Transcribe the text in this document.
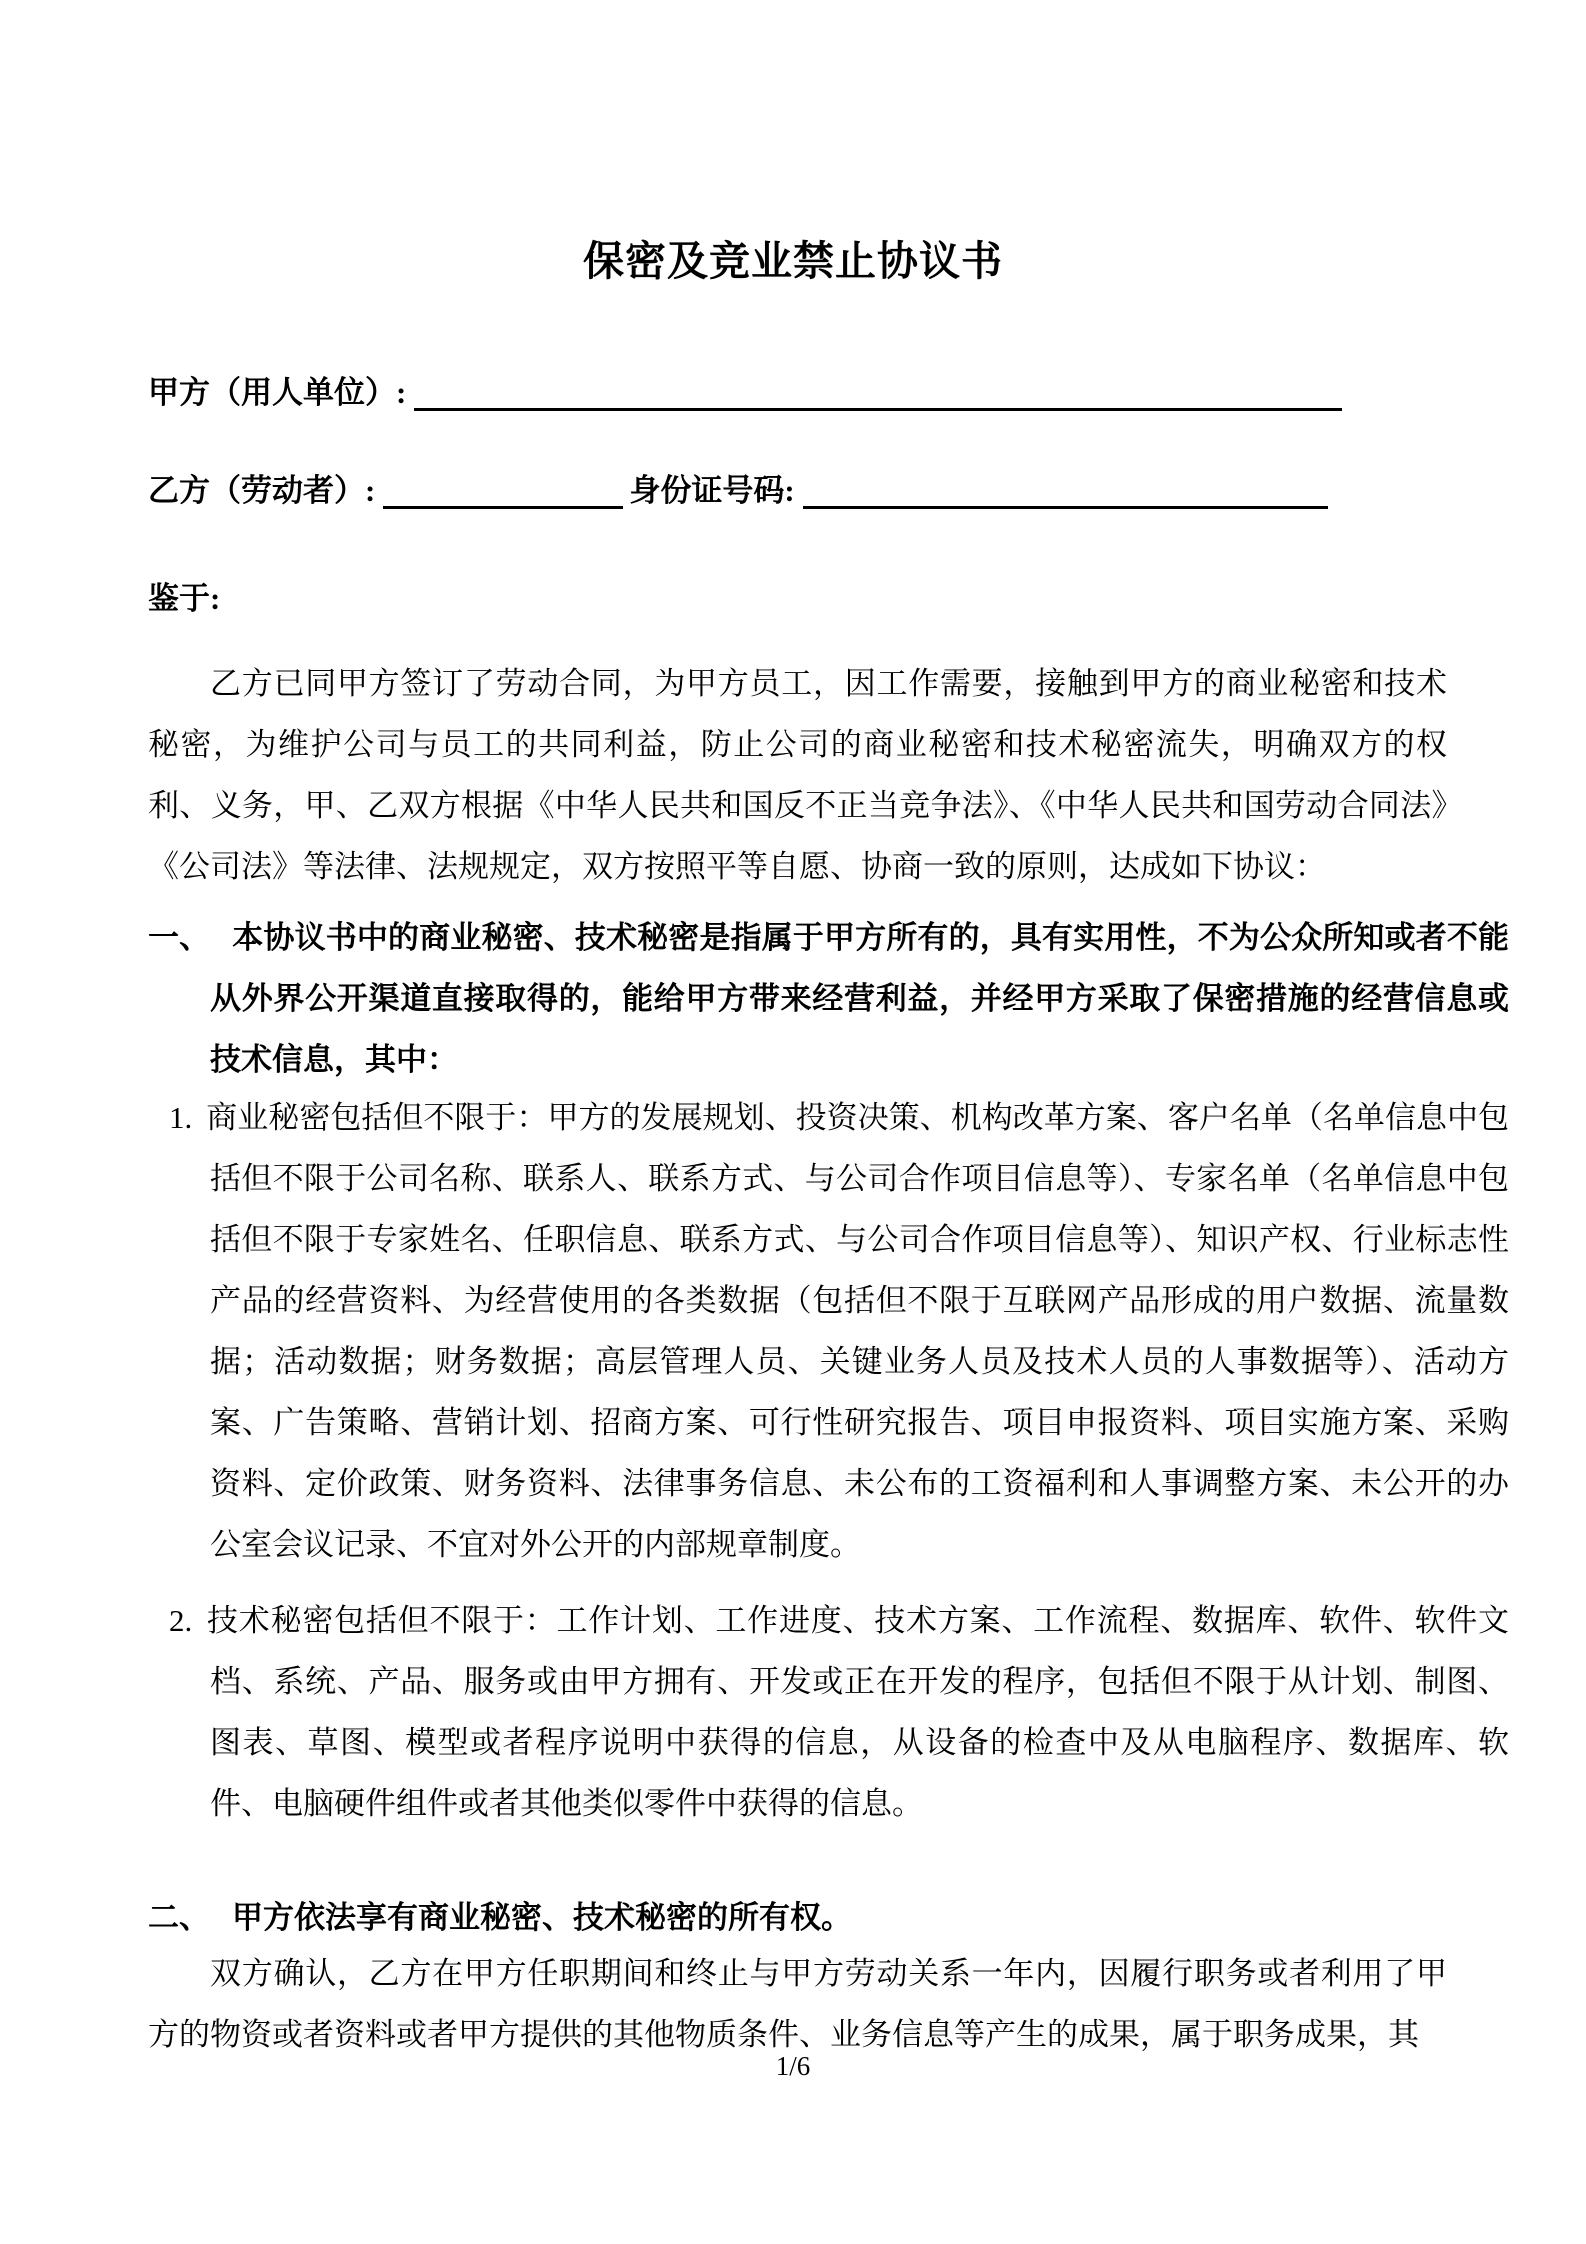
保密及竞业禁止协议书
甲方（用人单位）:
乙方（劳动者）:	身份证号码:
鉴于:
乙方已同甲方签订了劳动合同，为甲方员工，因工作需要，接触到甲方的商业秘密和技术秘密，为维护公司与员工的共同利益，防止公司的商业秘密和技术秘密流失，明确双方的权利、义务，甲、乙双方根据《中华人民共和国反不正当竞争法》、《中华人民共和国劳动合同法》《公司法》等法律、法规规定，双方按照平等自愿、协商一致的原则，达成如下协议：
一、 本协议书中的商业秘密、技术秘密是指属于甲方所有的，具有实用性，不为公众所知或者不能从外界公开渠道直接取得的，能给甲方带来经营利益，并经甲方采取了保密措施的经营信息或技术信息，其中：
1. 商业秘密包括但不限于：甲方的发展规划、投资决策、机构改革方案、客户名单（名单信息中包括但不限于公司名称、联系人、联系方式、与公司合作项目信息等）、专家名单（名单信息中包括但不限于专家姓名、任职信息、联系方式、与公司合作项目信息等）、知识产权、行业标志性产品的经营资料、为经营使用的各类数据（包括但不限于互联网产品形成的用户数据、流量数据；活动数据；财务数据；高层管理人员、关键业务人员及技术人员的人事数据等）、活动方案、广告策略、营销计划、招商方案、可行性研究报告、项目申报资料、项目实施方案、采购资料、定价政策、财务资料、法律事务信息、未公布的工资福利和人事调整方案、未公开的办公室会议记录、不宜对外公开的内部规章制度。
2. 技术秘密包括但不限于：工作计划、工作进度、技术方案、工作流程、数据库、软件、软件文档、系统、产品、服务或由甲方拥有、开发或正在开发的程序，包括但不限于从计划、制图、图表、草图、模型或者程序说明中获得的信息，从设备的检查中及从电脑程序、数据库、软件、电脑硬件组件或者其他类似零件中获得的信息。
二、 甲方依法享有商业秘密、技术秘密的所有权。
双方确认，乙方在甲方任职期间和终止与甲方劳动关系一年内，因履行职务或者利用了甲方的物资或者资料或者甲方提供的其他物质条件、业务信息等产生的成果，属于职务成果，其
1/6
